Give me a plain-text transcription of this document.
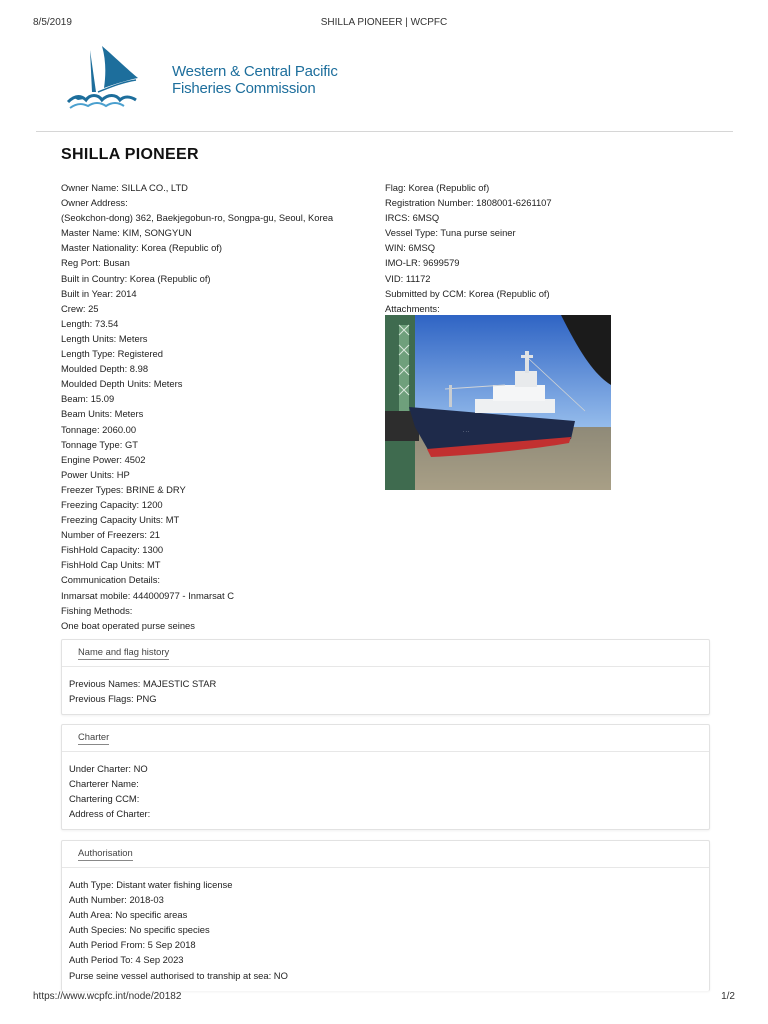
8/5/2019	SHILLA PIONEER | WCPFC
Western & Central Pacific
Fisheries Commission
SHILLA PIONEER
Owner Name: SILLA CO., LTD
Owner Address:
(Seokchon-dong) 362, Baekjegobun-ro, Songpa-gu, Seoul, Korea
Master Name: KIM, SONGYUN
Master Nationality: Korea (Republic of)
Reg Port: Busan
Built in Country: Korea (Republic of)
Built in Year: 2014
Crew: 25
Length: 73.54
Length Units: Meters
Length Type: Registered
Moulded Depth: 8.98
Moulded Depth Units: Meters
Beam: 15.09
Beam Units: Meters
Tonnage: 2060.00
Tonnage Type: GT
Engine Power: 4502
Power Units: HP
Freezer Types: BRINE & DRY
Freezing Capacity: 1200
Freezing Capacity Units: MT
Number of Freezers: 21
FishHold Capacity: 1300
FishHold Cap Units: MT
Communication Details:
Inmarsat mobile: 444000977 - Inmarsat C
Fishing Methods:
One boat operated purse seines
Flag: Korea (Republic of)
Registration Number: 1808001-6261107
IRCS: 6MSQ
Vessel Type: Tuna purse seiner
WIN: 6MSQ
IMO-LR: 9699579
VID: 11172
Submitted by CCM: Korea (Republic of)
Attachments:
· · ·
Name and flag history
Previous Names: MAJESTIC STAR
Previous Flags: PNG
Charter
Under Charter: NO
Charterer Name:
Chartering CCM:
Address of Charter:
Authorisation
Auth Type: Distant water fishing license
Auth Number: 2018-03
Auth Area: No specific areas
Auth Species: No specific species
Auth Period From: 5 Sep 2018
Auth Period To: 4 Sep 2023
Purse seine vessel authorised to tranship at sea: NO
https://www.wcpfc.int/node/20182	1/2
